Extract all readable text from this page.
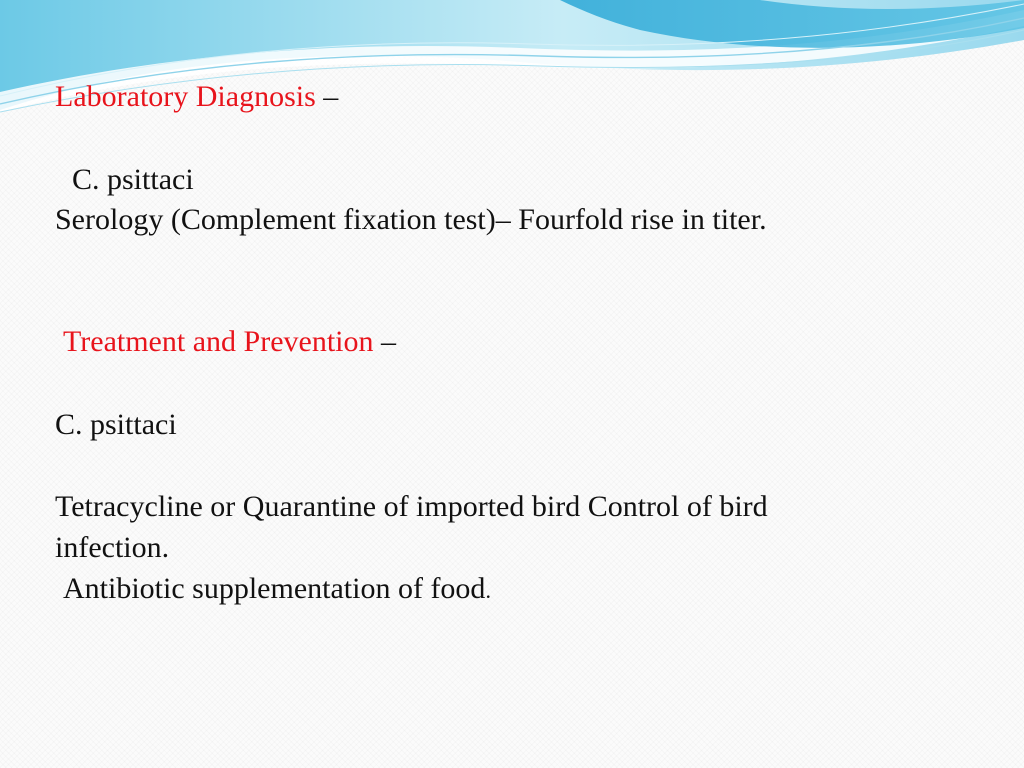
Laboratory Diagnosis –

C. psittaci

Serology (Complement fixation test)– Fourfold rise in titer.

Treatment and Prevention –

C. psittaci

Tetracycline or Quarantine of imported bird Control of bird

infection.

Antibiotic supplementation of food.
